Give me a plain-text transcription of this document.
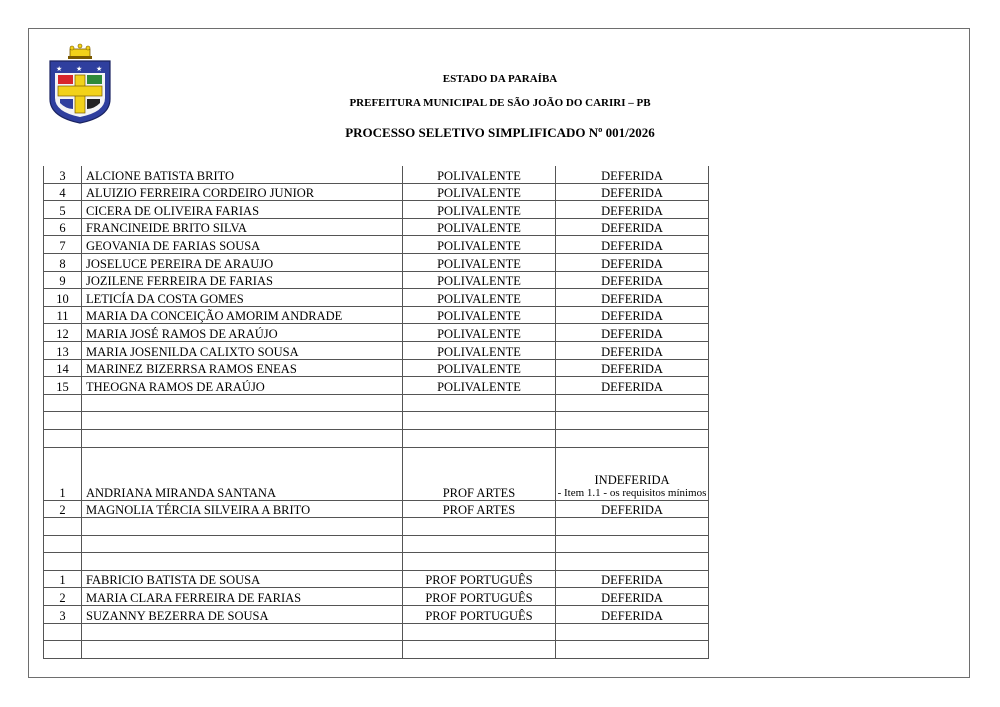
★ ★ ★
ESTADO DA PARAÍBA
PREFEITURA MUNICIPAL DE SÃO JOÃO DO CARIRI – PB
PROCESSO SELETIVO SIMPLIFICADO Nº 001/2026
3	ALCIONE BATISTA BRITO	POLIVALENTE	DEFERIDA
4	ALUIZIO FERREIRA CORDEIRO JUNIOR	POLIVALENTE	DEFERIDA
5	CICERA DE OLIVEIRA FARIAS	POLIVALENTE	DEFERIDA
6	FRANCINEIDE BRITO SILVA	POLIVALENTE	DEFERIDA
7	GEOVANIA DE FARIAS SOUSA	POLIVALENTE	DEFERIDA
8	JOSELUCE PEREIRA DE ARAUJO	POLIVALENTE	DEFERIDA
9	JOZILENE FERREIRA DE FARIAS	POLIVALENTE	DEFERIDA
10	LETICÍA DA COSTA GOMES	POLIVALENTE	DEFERIDA
11	MARIA DA CONCEIÇÃO AMORIM ANDRADE	POLIVALENTE	DEFERIDA
12	MARIA JOSÉ RAMOS DE ARAÚJO	POLIVALENTE	DEFERIDA
13	MARIA JOSENILDA CALIXTO SOUSA	POLIVALENTE	DEFERIDA
14	MARINEZ BIZERRSA RAMOS ENEAS	POLIVALENTE	DEFERIDA
15	THEOGNA RAMOS DE ARAÚJO	POLIVALENTE	DEFERIDA

1	ANDRIANA MIRANDA SANTANA	PROF ARTES	INDEFERIDA
- Item 1.1 - os requisitos mínimos

2	MAGNOLIA TÉRCIA SILVEIRA A BRITO	PROF ARTES	DEFERIDA

1	FABRICIO BATISTA DE SOUSA	PROF PORTUGUÊS	DEFERIDA
2	MARIA CLARA FERREIRA DE FARIAS	PROF PORTUGUÊS	DEFERIDA
3	SUZANNY BEZERRA DE SOUSA	PROF PORTUGUÊS	DEFERIDA
